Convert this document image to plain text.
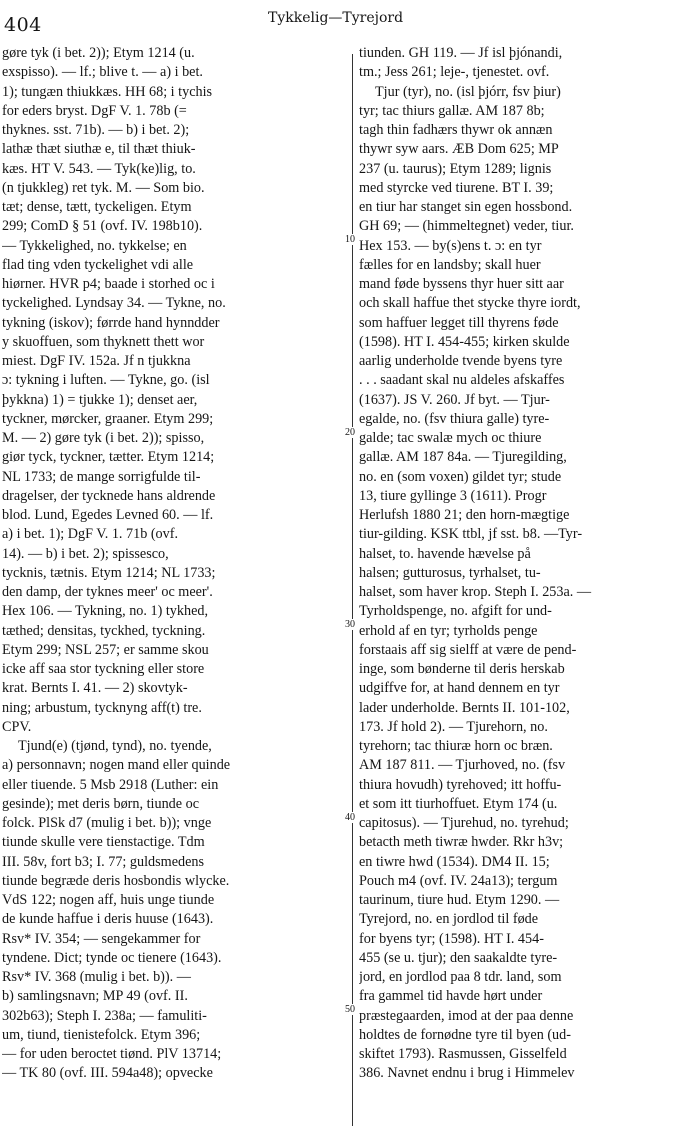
404	Tykkelig—Tyrejord
gøre tyk (i bet. 2)); Etym 1214 (u.
exspisso). — lf.; blive t. — a) i bet.
1); tungæn thiukkæs. HH 68; i tychis
for eders bryst. DgF V. 1. 78b (=
thyknes. sst. 71b). — b) i bet. 2);
lathæ thæt siuthæ e, til thæt thiuk-
kæs. HT V. 543. — Tyk(ke)lig, to.
(n tjukkleg) ret tyk. M. — Som bio.
tæt; dense, tætt, tyckeligen. Etym
299; ComD § 51 (ovf. IV. 198b10).
— Tykkelighed, no. tykkelse; en
flad ting vden tyckelighet vdi alle
hiørner. HVR p4; baade i storhed oc i
tyckelighed. Lyndsay 34. — Tykne, no.
tykning (iskov); førrde hand hynndder
y skuoffuen, som thyknett thett wor
miest. DgF IV. 152a. Jf n tjukkna
ɔ: tykning i luften. — Tykne, go. (isl
þykkna) 1) = tjukke 1); denset aer,
tyckner, mørcker, graaner. Etym 299;
M. — 2) gøre tyk (i bet. 2)); spisso,
giør tyck, tyckner, tætter. Etym 1214;
NL 1733; de mange sorrigfulde til-
dragelser, der tycknede hans aldrende
blod. Lund, Egedes Levned 60. — lf.
a) i bet. 1); DgF V. 1. 71b (ovf.
14). — b) i bet. 2); spissesco,
tycknis, tætnis. Etym 1214; NL 1733;
den damp, der tyknes meer' oc meer'.
Hex 106. — Tykning, no. 1) tykhed,
tæthed; densitas, tyckhed, tyckning.
Etym 299; NSL 257; er samme skou
icke aff saa stor tyckning eller store
krat. Bernts I. 41. — 2) skovtyk-
ning; arbustum, tycknyng aff(t) tre.
CPV.
Tjund(e) (tjønd, tynd), no. tyende,
a) personnavn; nogen mand eller quinde
eller tiuende. 5 Msb 2918 (Luther: ein
gesinde); met deris børn, tiunde oc
folck. PlSk d7 (mulig i bet. b)); vnge
tiunde skulle vere tienstactige. Tdm
III. 58v, fort b3; I. 77; guldsmedens
tiunde begræde deris hosbondis wlycke.
VdS 122; nogen aff, huis unge tiunde
de kunde haffue i deris huuse (1643).
Rsv* IV. 354; — sengekammer for
tyndene. Dict; tynde oc tienere (1643).
Rsv* IV. 368 (mulig i bet. b)). —
b) samlingsnavn; MP 49 (ovf. II.
302b63); Steph I. 238a; — famuliti-
um, tiund, tienistefolck. Etym 396;
— for uden beroctet tiønd. PlV 13714;
— TK 80 (ovf. III. 594a48); opvecke
10
20
30
40
50
tiunden. GH 119. — Jf isl þjónandi,
tm.; Jess 261; leje-, tjenestet. ovf.
Tjur (tyr), no. (isl þjórr, fsv þiur)
tyr; tac thiurs gallæ. AM 187 8b;
tagh thin fadhærs thywr ok annæn
thywr syw aars. ÆB Dom 625; MP
237 (u. taurus); Etym 1289; lignis
med styrcke ved tiurene. BT I. 39;
en tiur har stanget sin egen hossbond.
GH 69; — (himmeltegnet) veder, tiur.
Hex 153. — by(s)ens t. ɔ: en tyr
fælles for en landsby; skall huer
mand føde byssens thyr huer sitt aar
och skall haffue thet stycke thyre iordt,
som haffuer legget till thyrens føde
(1598). HT I. 454-455; kirken skulde
aarlig underholde tvende byens tyre
. . . saadant skal nu aldeles afskaffes
(1637). JS V. 260. Jf byt. — Tjur-
egalde, no. (fsv thiura galle) tyre-
galde; tac swalæ mych oc thiure
gallæ. AM 187 84a. — Tjuregilding,
no. en (som voxen) gildet tyr; stude
13, tiure gyllinge 3 (1611). Progr
Herlufsh 1880 21; den horn-mægtige
tiur-gilding. KSK ttbl, jf sst. b8. —Tyr-
halset, to. havende hævelse på
halsen; gutturosus, tyrhalset, tu-
halset, som haver krop. Steph I. 253a. —
Tyrholdspenge, no. afgift for und-
erhold af en tyr; tyrholds penge
forstaais aff sig sielff at være de pend-
inge, som bønderne til deris herskab
udgiffve for, at hand dennem en tyr
lader underholde. Bernts II. 101-102,
173. Jf hold 2). — Tjurehorn, no.
tyrehorn; tac thiuræ horn oc bræn.
AM 187 811. — Tjurhoved, no. (fsv
thiura hovudh) tyrehoved; itt hoffu-
et som itt tiurhoffuet. Etym 174 (u.
capitosus). — Tjurehud, no. tyrehud;
betacth meth tiwræ hwder. Rkr h3v;
en tiwre hwd (1534). DM4 II. 15;
Pouch m4 (ovf. IV. 24a13); tergum
taurinum, tiure hud. Etym 1290. —
Tyrejord, no. en jordlod til føde
for byens tyr; (1598). HT I. 454-
455 (se u. tjur); den saakaldte tyre-
jord, en jordlod paa 8 tdr. land, som
fra gammel tid havde hørt under
præstegaarden, imod at der paa denne
holdtes de fornødne tyre til byen (ud-
skiftet 1793). Rasmussen, Gisselfeld
386. Navnet endnu i brug i Himmelev
